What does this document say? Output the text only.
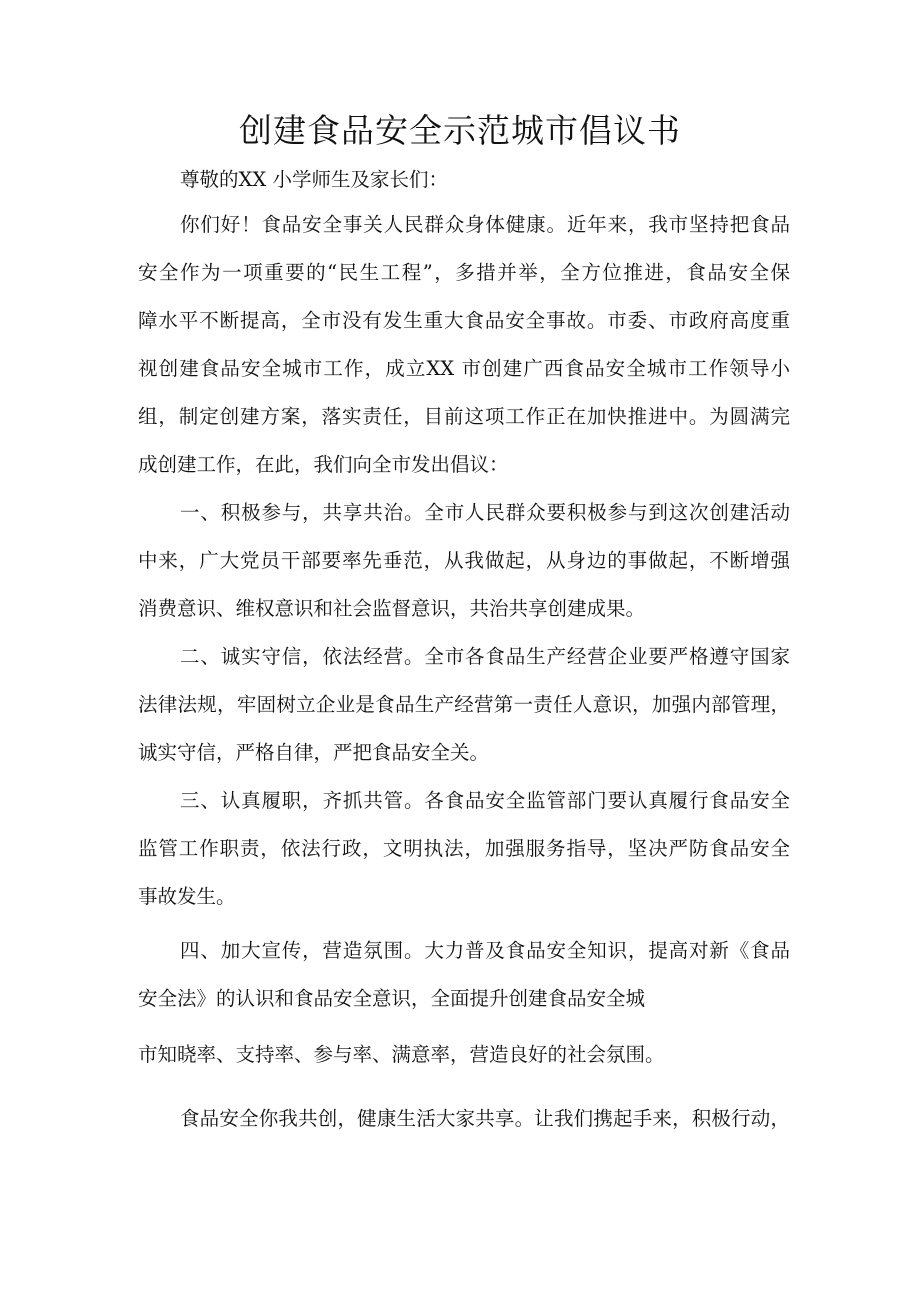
创建食品安全示范城市倡议书
尊敬的XX 小学师生及家长们：
你们好！食品安全事关人民群众身体健康。近年来，我市坚持把食品
安全作为一项重要的“民生工程”，多措并举，全方位推进，食品安全保
障水平不断提高，全市没有发生重大食品安全事故。市委、市政府高度重
视创建食品安全城市工作，成立XX 市创建广西食品安全城市工作领导小
组，制定创建方案，落实责任，目前这项工作正在加快推进中。为圆满完
成创建工作，在此，我们向全市发出倡议：
一、积极参与，共享共治。全市人民群众要积极参与到这次创建活动
中来，广大党员干部要率先垂范，从我做起，从身边的事做起，不断增强
消费意识、维权意识和社会监督意识，共治共享创建成果。
二、诚实守信，依法经营。全市各食品生产经营企业要严格遵守国家
法律法规，牢固树立企业是食品生产经营第一责任人意识，加强内部管理，
诚实守信，严格自律，严把食品安全关。
三、认真履职，齐抓共管。各食品安全监管部门要认真履行食品安全
监管工作职责，依法行政，文明执法，加强服务指导，坚决严防食品安全
事故发生。
四、加大宣传，营造氛围。大力普及食品安全知识，提高对新《食品
安全法》的认识和食品安全意识，全面提升创建食品安全城
市知晓率、支持率、参与率、满意率，营造良好的社会氛围。
食品安全你我共创，健康生活大家共享。让我们携起手来，积极行动，
